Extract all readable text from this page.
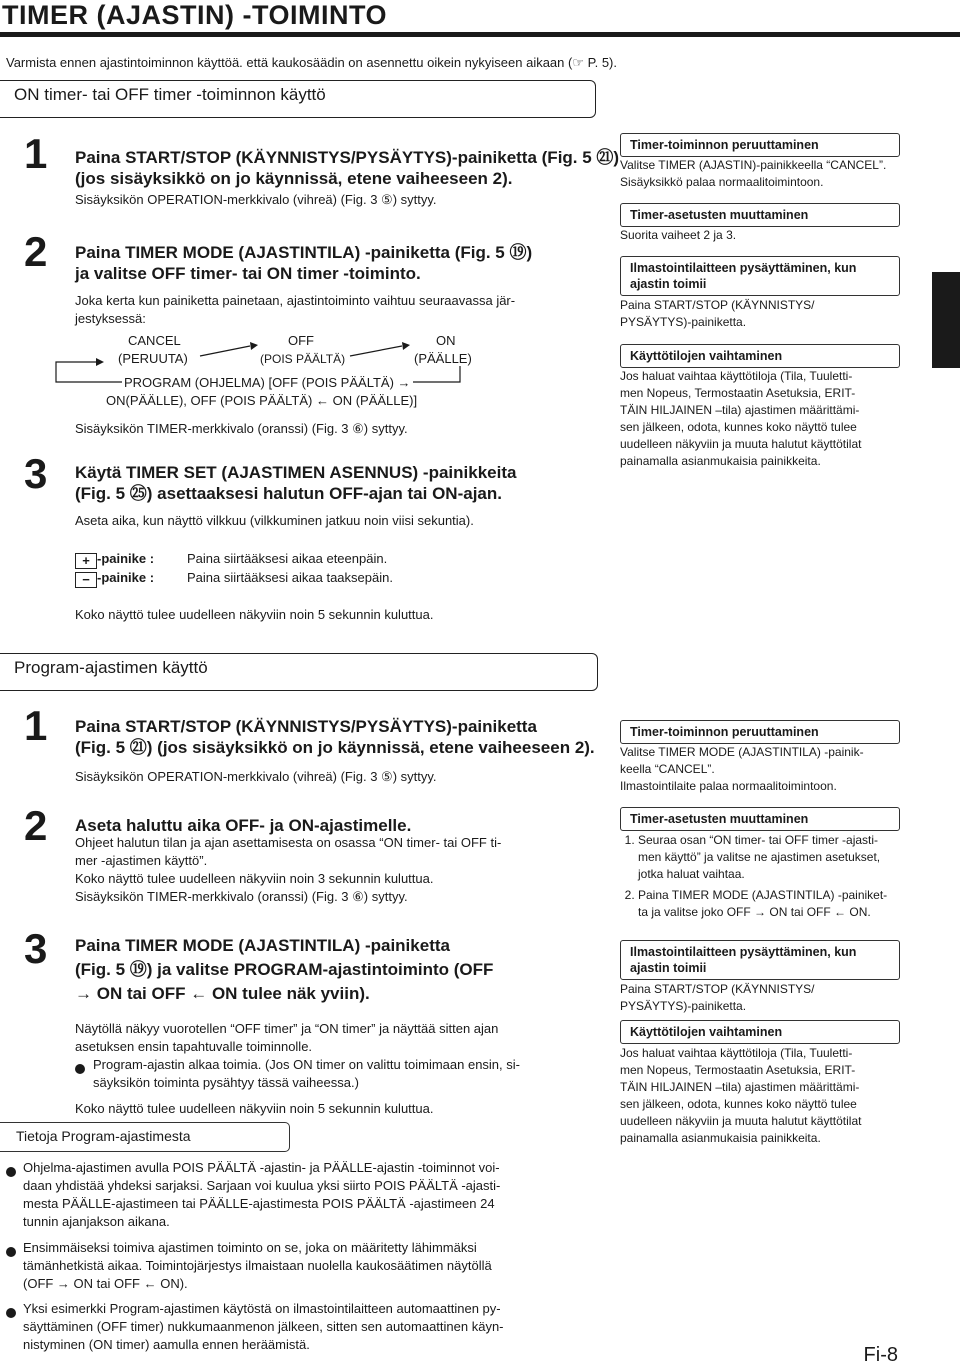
TIMER (AJASTIN) -TOIMINTO
Varmista ennen ajastintoiminnon käyttöä. että kaukosäädin on asennettu oikein nykyiseen aikaan (☞ P. 5).
ON timer- tai OFF timer -toiminnon käyttö
1 Paina START/STOP (KÄYNNISTYS/PYSÄYTYS)-painiketta (Fig. 5 ㉑)
(jos sisäyksikkö on jo käynnissä, etene vaiheeseen 2).
Sisäyksikön OPERATION-merkkivalo (vihreä) (Fig. 3 ⑤) syttyy.
2 Paina TIMER MODE (AJASTINTILA) -painiketta (Fig. 5 ⑲)
ja valitse OFF timer- tai ON timer -toiminto.
Joka kerta kun painiketta painetaan, ajastintoiminto vaihtuu seuraavassa jär-
jestyksessä:
CANCEL
(PERUUTA)
OFF
(POIS PÄÄLTÄ)
ON
(PÄÄLLE)
PROGRAM (OHJELMA) [OFF (POIS PÄÄLTÄ) →
ON(PÄÄLLE), OFF (POIS PÄÄLTÄ) ← ON (PÄÄLLE)]
Sisäyksikön TIMER-merkkivalo (oranssi) (Fig. 3 ⑥) syttyy.
3 Käytä TIMER SET (AJASTIMEN ASENNUS) -painikkeita
(Fig. 5 ㉕) asettaaksesi halutun OFF-ajan tai ON-ajan.
Aseta aika, kun näyttö vilkkuu (vilkkuminen jatkuu noin viisi sekuntia).
+ -painike :	Paina siirtääksesi aikaa eteenpäin.
− -painike :	Paina siirtääksesi aikaa taaksepäin.
Koko näyttö tulee uudelleen näkyviin noin 5 sekunnin kuluttua.
Timer-toiminnon peruuttaminen
Valitse TIMER (AJASTIN)-painikkeella “CANCEL”.
Sisäyksikkö palaa normaalitoimintoon.
Timer-asetusten muuttaminen
Suorita vaiheet 2 ja 3.
Ilmastointilaitteen pysäyttäminen, kun
ajastin toimii
Paina START/STOP (KÄYNNISTYS/
PYSÄYTYS)-painiketta.
Käyttötilojen vaihtaminen
Jos haluat vaihtaa käyttötiloja (Tila, Tuuletti-
men Nopeus, Termostaatin Asetuksia, ERIT-
TÄIN HILJAINEN –tila) ajastimen määrittämi-
sen jälkeen, odota, kunnes koko näyttö tulee
uudelleen näkyviin ja muuta halutut käyttötilat
painamalla asianmukaisia painikkeita.
Program-ajastimen käyttö
1 Paina START/STOP (KÄYNNISTYS/PYSÄYTYS)-painiketta
(Fig. 5 ㉑) (jos sisäyksikkö on jo käynnissä, etene vaiheeseen 2).
Sisäyksikön OPERATION-merkkivalo (vihreä) (Fig. 3 ⑤) syttyy.
2 Aseta haluttu aika OFF- ja ON-ajastimelle.
Ohjeet halutun tilan ja ajan asettamisesta on osassa “ON timer- tai OFF ti-
mer -ajastimen käyttö”.
Koko näyttö tulee uudelleen näkyviin noin 3 sekunnin kuluttua.
Sisäyksikön TIMER-merkkivalo (oranssi) (Fig. 3 ⑥) syttyy.
3 Paina TIMER MODE (AJASTINTILA) -painiketta
(Fig. 5 ⑲) ja valitse PROGRAM-ajastintoiminto (OFF
→ ON tai OFF ← ON tulee näk yviin).
Näytöllä näkyy vuorotellen “OFF timer” ja “ON timer” ja näyttää sitten ajan
asetuksen ensin tapahtuvalle toiminnolle.
Program-ajastin alkaa toimia. (Jos ON timer on valittu toimimaan ensin, si-
säyksikön toiminta pysähtyy tässä vaiheessa.)
Koko näyttö tulee uudelleen näkyviin noin 5 sekunnin kuluttua.
Timer-toiminnon peruuttaminen
Valitse TIMER MODE (AJASTINTILA) -painik-
keella “CANCEL”.
Ilmastointilaite palaa normaalitoimintoon.
Timer-asetusten muuttaminen
1. Seuraa osan “ON timer- tai OFF timer -ajasti-
men käyttö” ja valitse ne ajastimen asetukset,
jotka haluat vaihtaa.
2. Paina TIMER MODE (AJASTINTILA) -painiket-
ta ja valitse joko OFF → ON tai OFF ← ON.
Ilmastointilaitteen pysäyttäminen, kun
ajastin toimii
Paina START/STOP (KÄYNNISTYS/
PYSÄYTYS)-painiketta.
Käyttötilojen vaihtaminen
Jos haluat vaihtaa käyttötiloja (Tila, Tuuletti-
men Nopeus, Termostaatin Asetuksia, ERIT-
TÄIN HILJAINEN –tila) ajastimen määrittämi-
sen jälkeen, odota, kunnes koko näyttö tulee
uudelleen näkyviin ja muuta halutut käyttötilat
painamalla asianmukaisia painikkeita.
Tietoja Program-ajastimesta
Ohjelma-ajastimen avulla POIS PÄÄLTÄ -ajastin- ja PÄÄLLE-ajastin -toiminnot voi-
daan yhdistää yhdeksi sarjaksi. Sarjaan voi kuulua yksi siirto POIS PÄÄLTÄ -ajasti-
mesta PÄÄLLE-ajastimeen tai PÄÄLLE-ajastimesta POIS PÄÄLTÄ -ajastimeen 24
tunnin ajanjakson aikana.
Ensimmäiseksi toimiva ajastimen toiminto on se, joka on määritetty lähimmäksi
tämänhetkistä aikaa. Toimintojärjestys ilmaistaan nuolella kaukosäätimen näytöllä
(OFF → ON tai OFF ← ON).
Yksi esimerkki Program-ajastimen käytöstä on ilmastointilaitteen automaattinen py-
säyttäminen (OFF timer) nukkumaanmenon jälkeen, sitten sen automaattinen käyn-
nistyminen (ON timer) aamulla ennen heräämistä.	Fi-8
